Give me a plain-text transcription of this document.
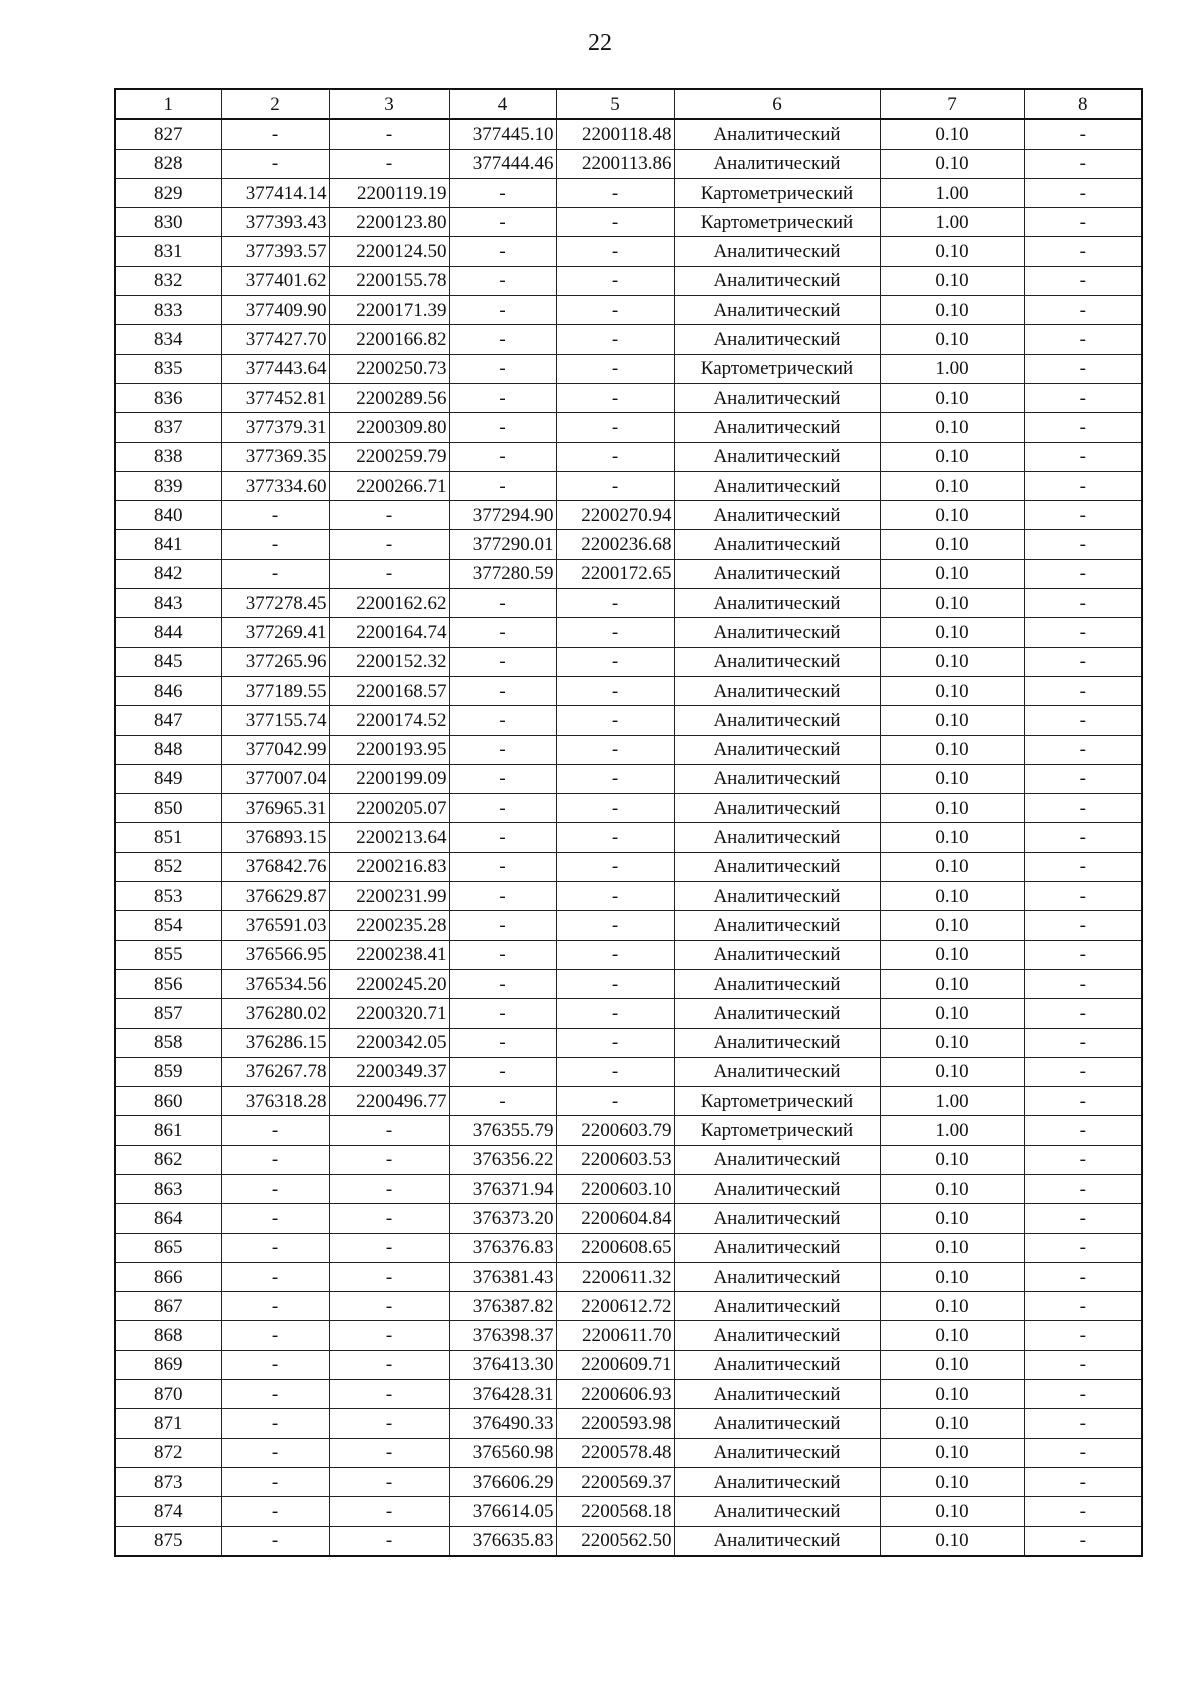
22
1	2	3	4	5	6	7	8
827	-	-	377445.10	2200118.48	Аналитический	0.10	-
828	-	-	377444.46	2200113.86	Аналитический	0.10	-
829	377414.14	2200119.19	-	-	Картометрический	1.00	-
830	377393.43	2200123.80	-	-	Картометрический	1.00	-
831	377393.57	2200124.50	-	-	Аналитический	0.10	-
832	377401.62	2200155.78	-	-	Аналитический	0.10	-
833	377409.90	2200171.39	-	-	Аналитический	0.10	-
834	377427.70	2200166.82	-	-	Аналитический	0.10	-
835	377443.64	2200250.73	-	-	Картометрический	1.00	-
836	377452.81	2200289.56	-	-	Аналитический	0.10	-
837	377379.31	2200309.80	-	-	Аналитический	0.10	-
838	377369.35	2200259.79	-	-	Аналитический	0.10	-
839	377334.60	2200266.71	-	-	Аналитический	0.10	-
840	-	-	377294.90	2200270.94	Аналитический	0.10	-
841	-	-	377290.01	2200236.68	Аналитический	0.10	-
842	-	-	377280.59	2200172.65	Аналитический	0.10	-
843	377278.45	2200162.62	-	-	Аналитический	0.10	-
844	377269.41	2200164.74	-	-	Аналитический	0.10	-
845	377265.96	2200152.32	-	-	Аналитический	0.10	-
846	377189.55	2200168.57	-	-	Аналитический	0.10	-
847	377155.74	2200174.52	-	-	Аналитический	0.10	-
848	377042.99	2200193.95	-	-	Аналитический	0.10	-
849	377007.04	2200199.09	-	-	Аналитический	0.10	-
850	376965.31	2200205.07	-	-	Аналитический	0.10	-
851	376893.15	2200213.64	-	-	Аналитический	0.10	-
852	376842.76	2200216.83	-	-	Аналитический	0.10	-
853	376629.87	2200231.99	-	-	Аналитический	0.10	-
854	376591.03	2200235.28	-	-	Аналитический	0.10	-
855	376566.95	2200238.41	-	-	Аналитический	0.10	-
856	376534.56	2200245.20	-	-	Аналитический	0.10	-
857	376280.02	2200320.71	-	-	Аналитический	0.10	-
858	376286.15	2200342.05	-	-	Аналитический	0.10	-
859	376267.78	2200349.37	-	-	Аналитический	0.10	-
860	376318.28	2200496.77	-	-	Картометрический	1.00	-
861	-	-	376355.79	2200603.79	Картометрический	1.00	-
862	-	-	376356.22	2200603.53	Аналитический	0.10	-
863	-	-	376371.94	2200603.10	Аналитический	0.10	-
864	-	-	376373.20	2200604.84	Аналитический	0.10	-
865	-	-	376376.83	2200608.65	Аналитический	0.10	-
866	-	-	376381.43	2200611.32	Аналитический	0.10	-
867	-	-	376387.82	2200612.72	Аналитический	0.10	-
868	-	-	376398.37	2200611.70	Аналитический	0.10	-
869	-	-	376413.30	2200609.71	Аналитический	0.10	-
870	-	-	376428.31	2200606.93	Аналитический	0.10	-
871	-	-	376490.33	2200593.98	Аналитический	0.10	-
872	-	-	376560.98	2200578.48	Аналитический	0.10	-
873	-	-	376606.29	2200569.37	Аналитический	0.10	-
874	-	-	376614.05	2200568.18	Аналитический	0.10	-
875	-	-	376635.83	2200562.50	Аналитический	0.10	-
